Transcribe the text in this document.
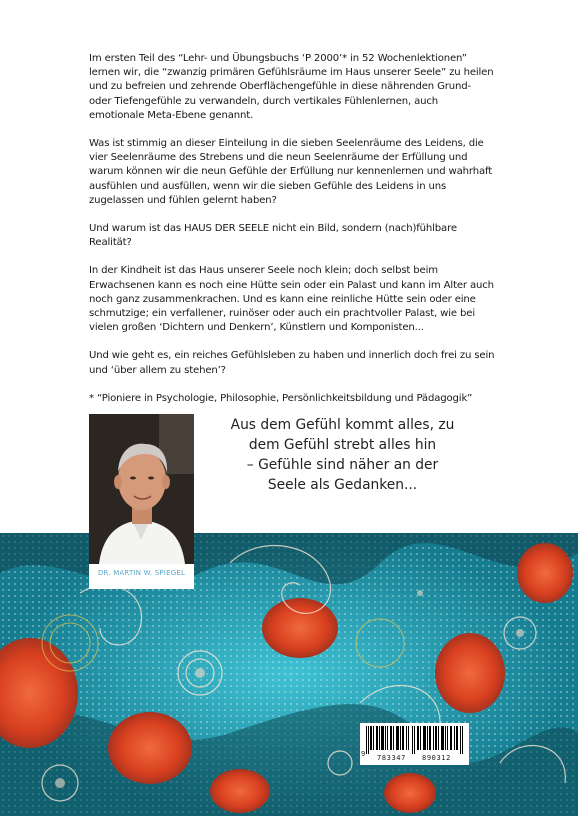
Im ersten Teil des “Lehr- und Übungsbuchs ‘P 2000’* in 52 Wochenlektionen”
lernen wir, die “zwanzig primären Gefühlsräume im Haus unserer Seele” zu heilen
und zu befreien und zehrende Oberflächengefühle in diese nährenden Grund-
oder Tiefengefühle zu verwandeln, durch vertikales Fühlenlernen, auch
emotionale Meta-Ebene genannt.

Was ist stimmig an dieser Einteilung in die sieben Seelenräume des Leidens, die
vier Seelenräume des Strebens und die neun Seelenräume der Erfüllung und
warum können wir die neun Gefühle der Erfüllung nur kennenlernen und wahrhaft
ausfühlen und ausfüllen, wenn wir die sieben Gefühle des Leidens in uns
zugelassen und fühlen gelernt haben?

Und warum ist das HAUS DER SEELE nicht ein Bild, sondern (nach)fühlbare
Realität?

In der Kindheit ist das Haus unserer Seele noch klein; doch selbst beim
Erwachsenen kann es noch eine Hütte sein oder ein Palast und kann im Alter auch
noch ganz zusammenkrachen. Und es kann eine reinliche Hütte sein oder eine
schmutzige; ein verfallener, ruinöser oder auch ein prachtvoller Palast, wie bei
vielen großen ‘Dichtern und Denkern’, Künstlern und Komponisten...

Und wie geht es, ein reiches Gefühlsleben zu haben und innerlich doch frei zu sein
und ‘über allem zu stehen’?

* “Pioniere in Psychologie, Philosophie, Persönlichkeitsbildung und Pädagogik”

Aus dem Gefühl kommt alles, zu
dem Gefühl strebt alles hin
– Gefühle sind näher an der
Seele als Gedanken...
DR. MARTIN W. SPIEGEL
9 783347 890312
